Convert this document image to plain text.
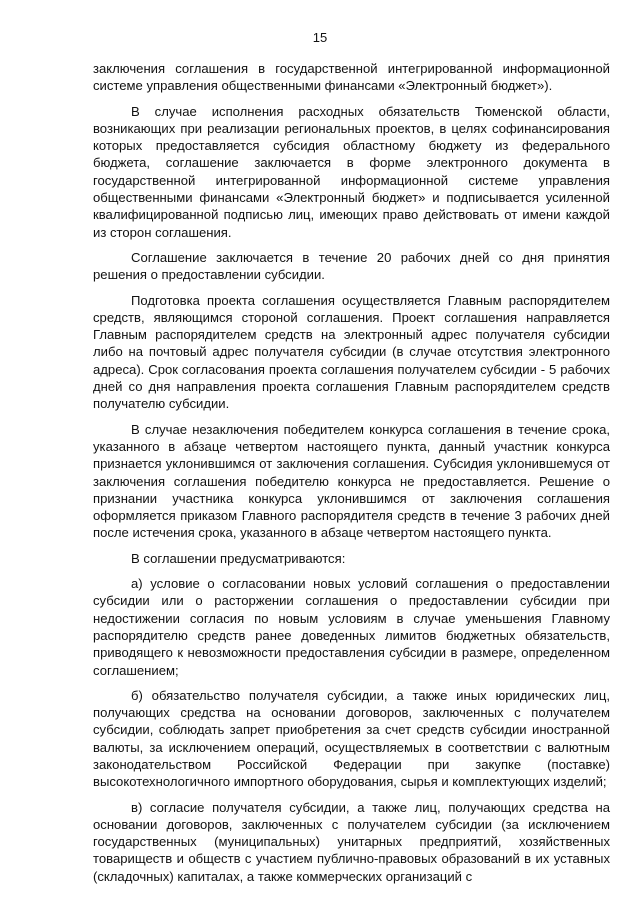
15

заключения соглашения в государственной интегрированной информационной системе управления общественными финансами «Электронный бюджет»).

В случае исполнения расходных обязательств Тюменской области, возникающих при реализации региональных проектов, в целях софинансирования которых предоставляется субсидия областному бюджету из федерального бюджета, соглашение заключается в форме электронного документа в государственной интегрированной информационной системе управления общественными финансами «Электронный бюджет» и подписывается усиленной квалифицированной подписью лиц, имеющих право действовать от имени каждой из сторон соглашения.

Соглашение заключается в течение 20 рабочих дней со дня принятия решения о предоставлении субсидии.

Подготовка проекта соглашения осуществляется Главным распорядителем средств, являющимся стороной соглашения. Проект соглашения направляется Главным распорядителем средств на электронный адрес получателя субсидии либо на почтовый адрес получателя субсидии (в случае отсутствия электронного адреса). Срок согласования проекта соглашения получателем субсидии - 5 рабочих дней со дня направления проекта соглашения Главным распорядителем средств получателю субсидии.

В случае незаключения победителем конкурса соглашения в течение срока, указанного в абзаце четвертом настоящего пункта, данный участник конкурса признается уклонившимся от заключения соглашения. Субсидия уклонившемуся от заключения соглашения победителю конкурса не предоставляется. Решение о признании участника конкурса уклонившимся от заключения соглашения оформляется приказом Главного распорядителя средств в течение 3 рабочих дней после истечения срока, указанного в абзаце четвертом настоящего пункта.

В соглашении предусматриваются:

а) условие о согласовании новых условий соглашения о предоставлении субсидии или о расторжении соглашения о предоставлении субсидии при недостижении согласия по новым условиям в случае уменьшения Главному распорядителю средств ранее доведенных лимитов бюджетных обязательств, приводящего к невозможности предоставления субсидии в размере, определенном соглашением;

б) обязательство получателя субсидии, а также иных юридических лиц, получающих средства на основании договоров, заключенных с получателем субсидии, соблюдать запрет приобретения за счет средств субсидии иностранной валюты, за исключением операций, осуществляемых в соответствии с валютным законодательством Российской Федерации при закупке (поставке) высокотехнологичного импортного оборудования, сырья и комплектующих изделий;

в) согласие получателя субсидии, а также лиц, получающих средства на основании договоров, заключенных с получателем субсидии (за исключением государственных (муниципальных) унитарных предприятий, хозяйственных товариществ и обществ с участием публично-правовых образований в их уставных (складочных) капиталах, а также коммерческих организаций с
